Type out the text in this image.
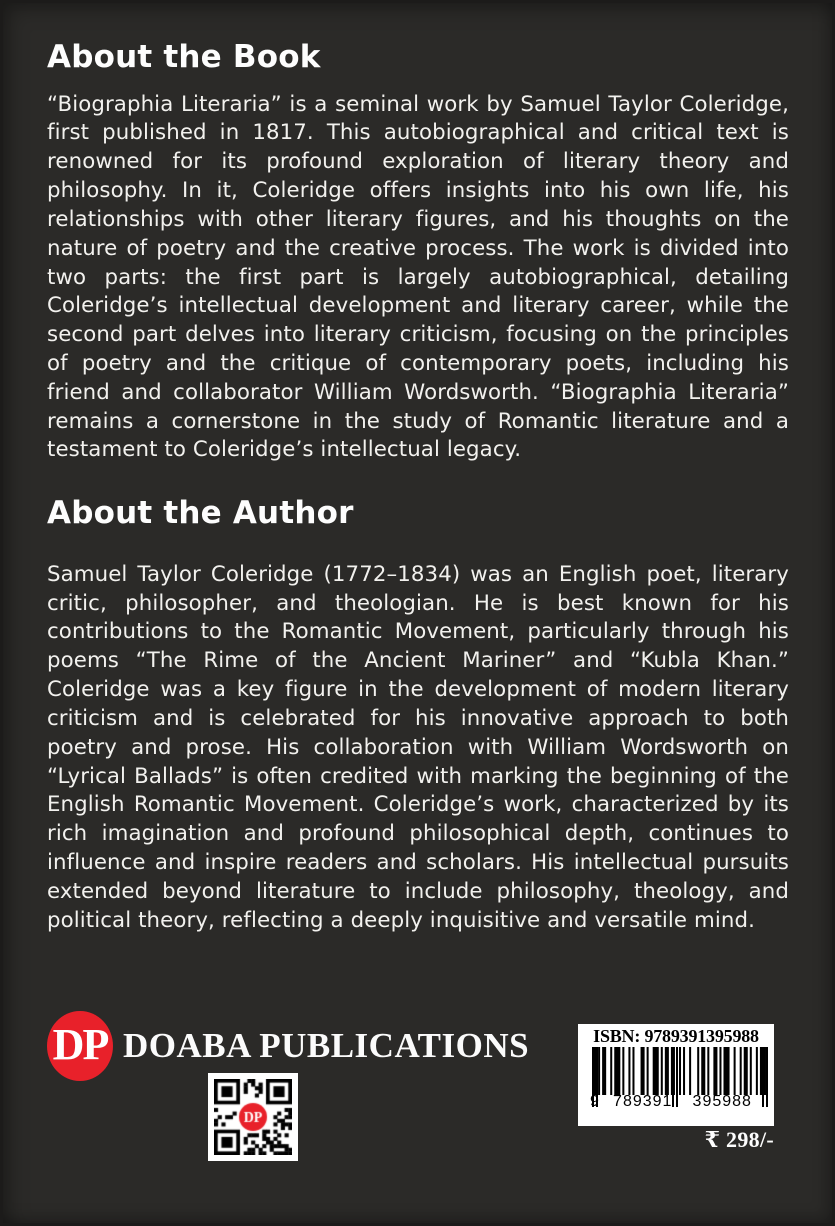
About the Book

“Biographia Literaria” is a seminal work by Samuel Taylor Coleridge, first published in 1817. This autobiographical and critical text is renowned for its profound exploration of literary theory and philosophy. In it, Coleridge offers insights into his own life, his relationships with other literary figures, and his thoughts on the nature of poetry and the creative process. The work is divided into two parts: the first part is largely autobiographical, detailing Coleridge’s intellectual development and literary career, while the second part delves into literary criticism, focusing on the principles of poetry and the critique of contemporary poets, including his friend and collaborator William Wordsworth. “Biographia Literaria” remains a cornerstone in the study of Romantic literature and a testament to Coleridge’s intellectual legacy.

About the Author

Samuel Taylor Coleridge (1772–1834) was an English poet, literary critic, philosopher, and theologian. He is best known for his contributions to the Romantic Movement, particularly through his poems “The Rime of the Ancient Mariner” and “Kubla Khan.” Coleridge was a key figure in the development of modern literary criticism and is celebrated for his innovative approach to both poetry and prose. His collaboration with William Wordsworth on “Lyrical Ballads” is often credited with marking the beginning of the English Romantic Movement. Coleridge’s work, characterized by its rich imagination and profound philosophical depth, continues to influence and inspire readers and scholars. His intellectual pursuits extended beyond literature to include philosophy, theology, and political theory, reflecting a deeply inquisitive and versatile mind.

DP DOABA PUBLICATIONS	ISBN: 9789391395988
9 789391	395988
₹ 298/-
